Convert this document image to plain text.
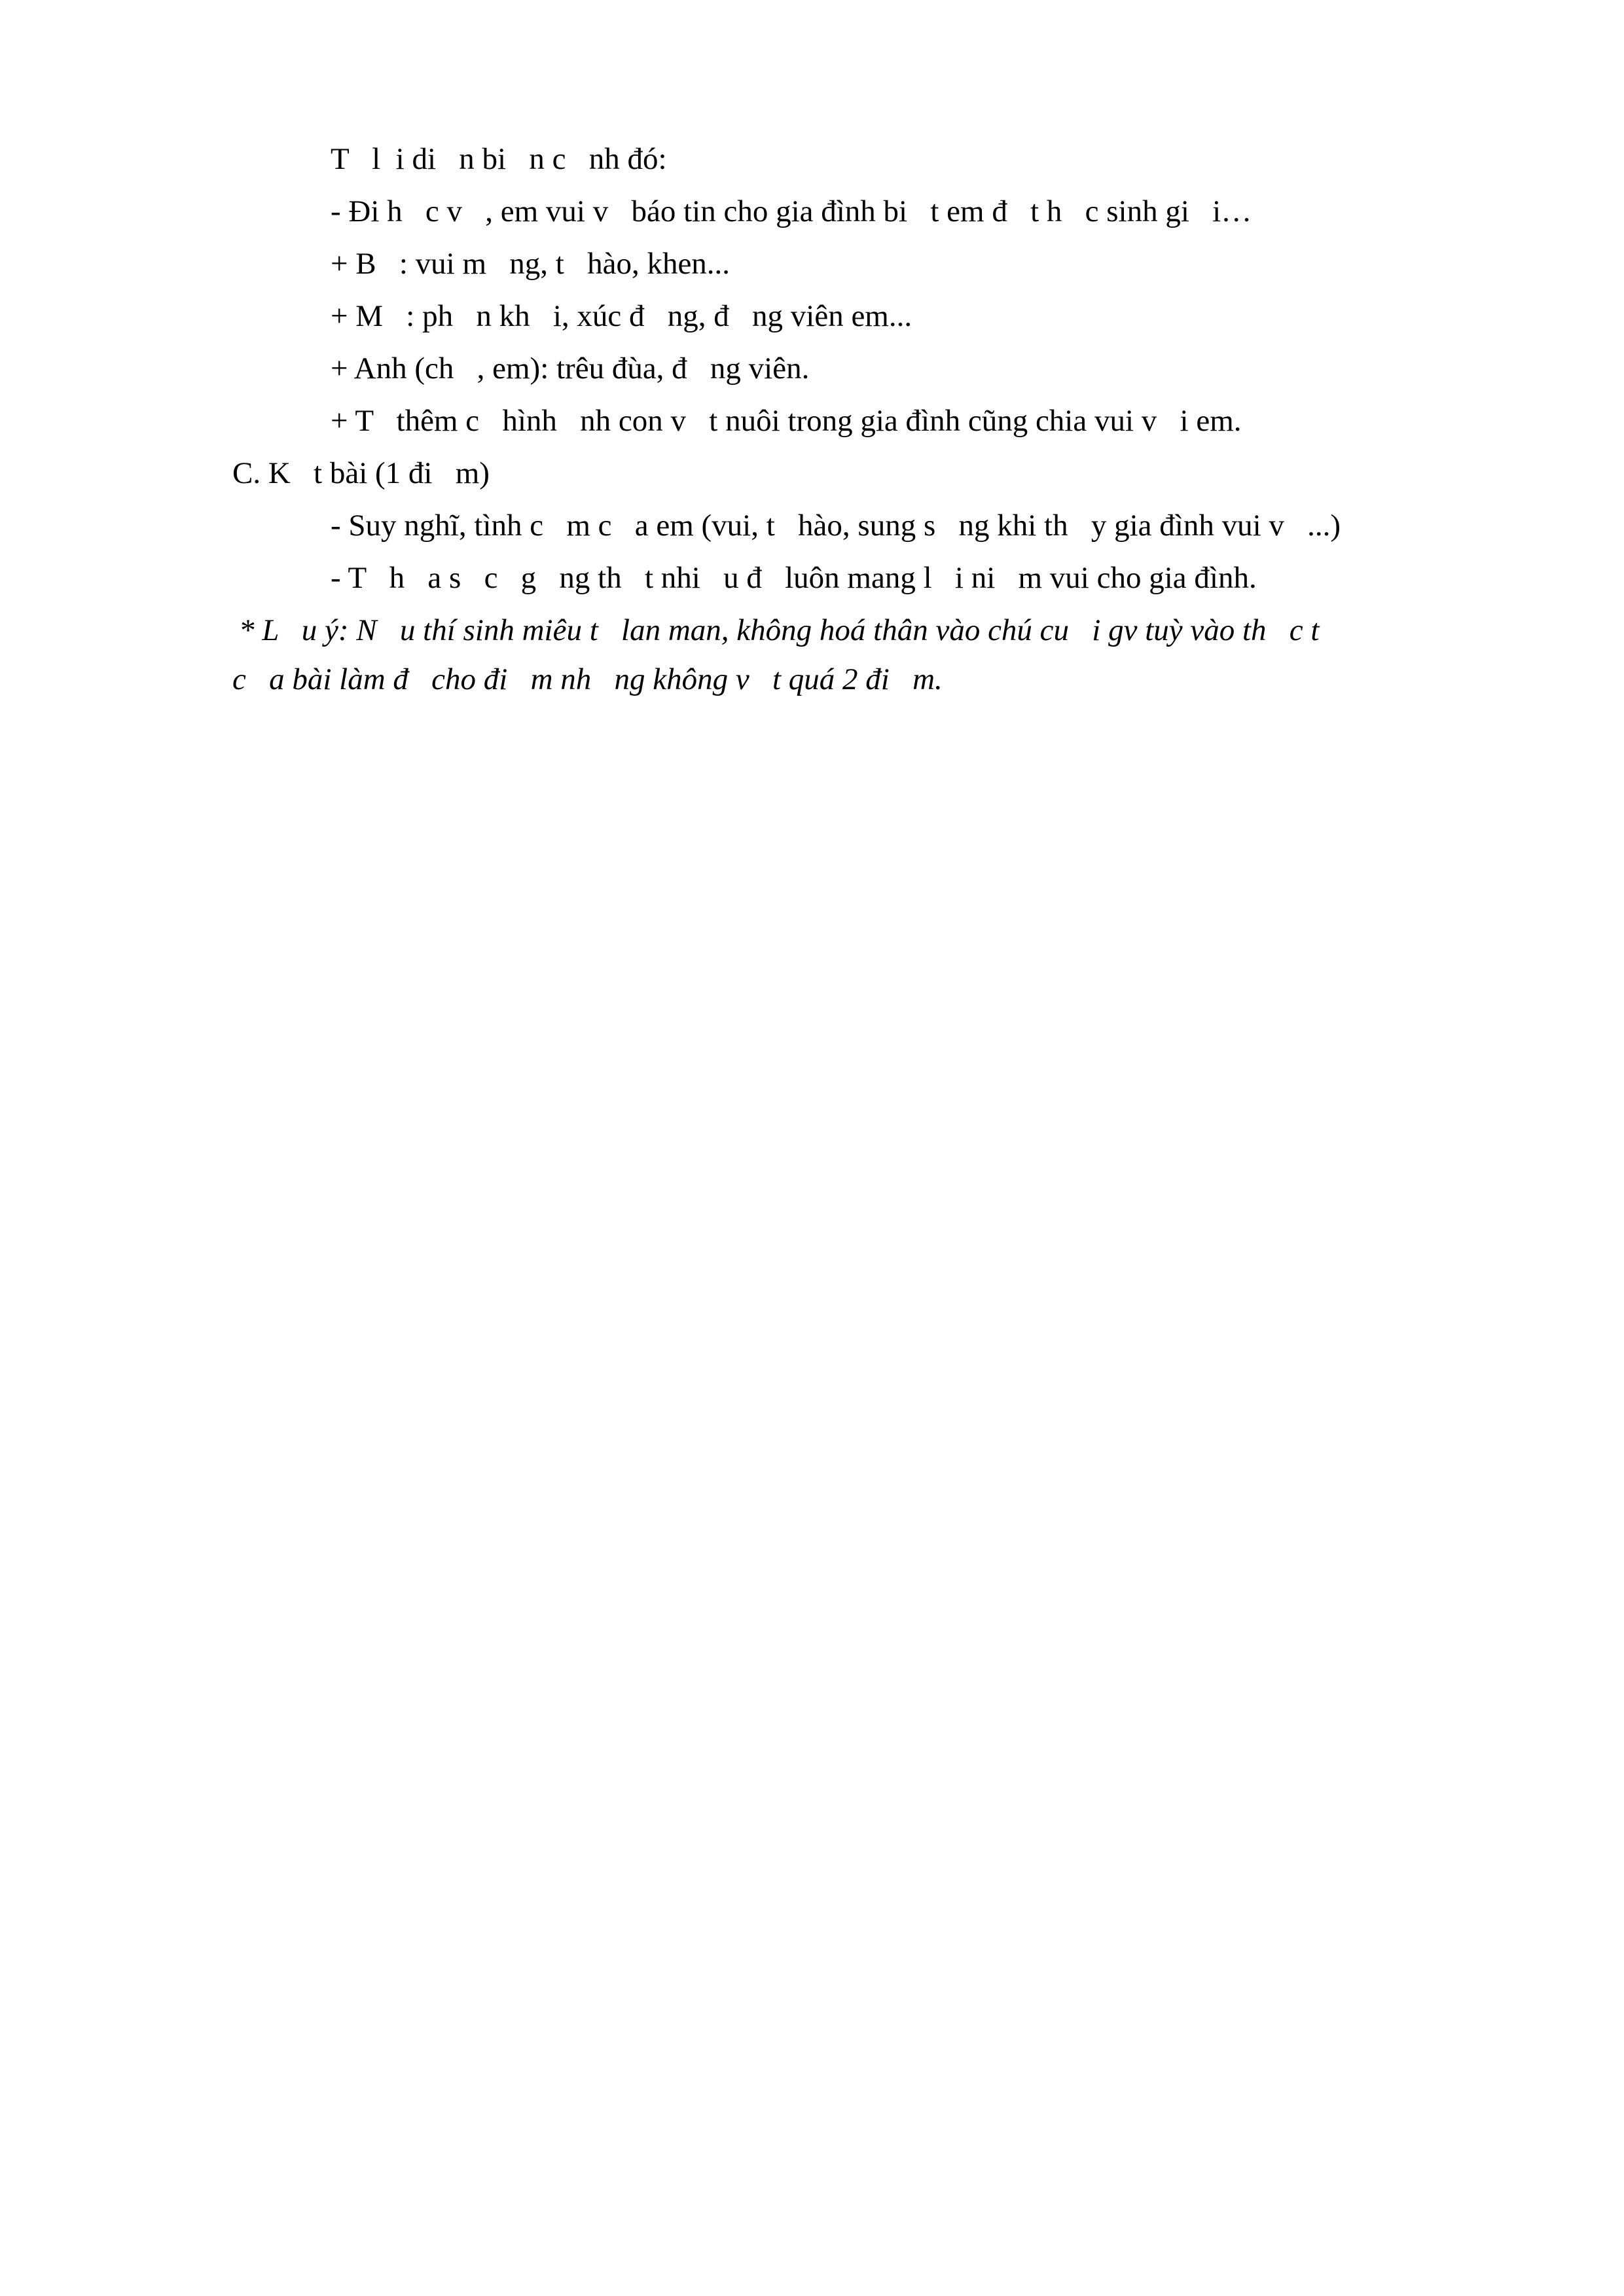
T   l  i di   n bi   n c   nh đó:
- Đi h   c v   , em vui v   báo tin cho gia đình bi   t em đ   t h   c sinh gi   i…
+ B   : vui m   ng, t   hào, khen...
+ M   : ph   n kh   i, xúc đ   ng, đ   ng viên em...
+ Anh (ch   , em): trêu đùa, đ   ng viên.
+ T   thêm c   hình   nh con v   t nuôi trong gia đình cũng chia vui v   i em.
C. K   t bài (1 đi   m)
- Suy nghĩ, tình c   m c   a em (vui, t   hào, sung s   ng khi th   y gia đình vui v   ...)
- T   h   a s   c   g   ng th   t nhi   u đ   luôn mang l   i ni   m vui cho gia đình.
* L   u ý: N   u thí sinh miêu t   lan man, không hoá thân vào chú cu   i gv tuỳ vào th   c t
c   a bài làm đ   cho đi   m nh   ng không v   t quá 2 đi   m.
